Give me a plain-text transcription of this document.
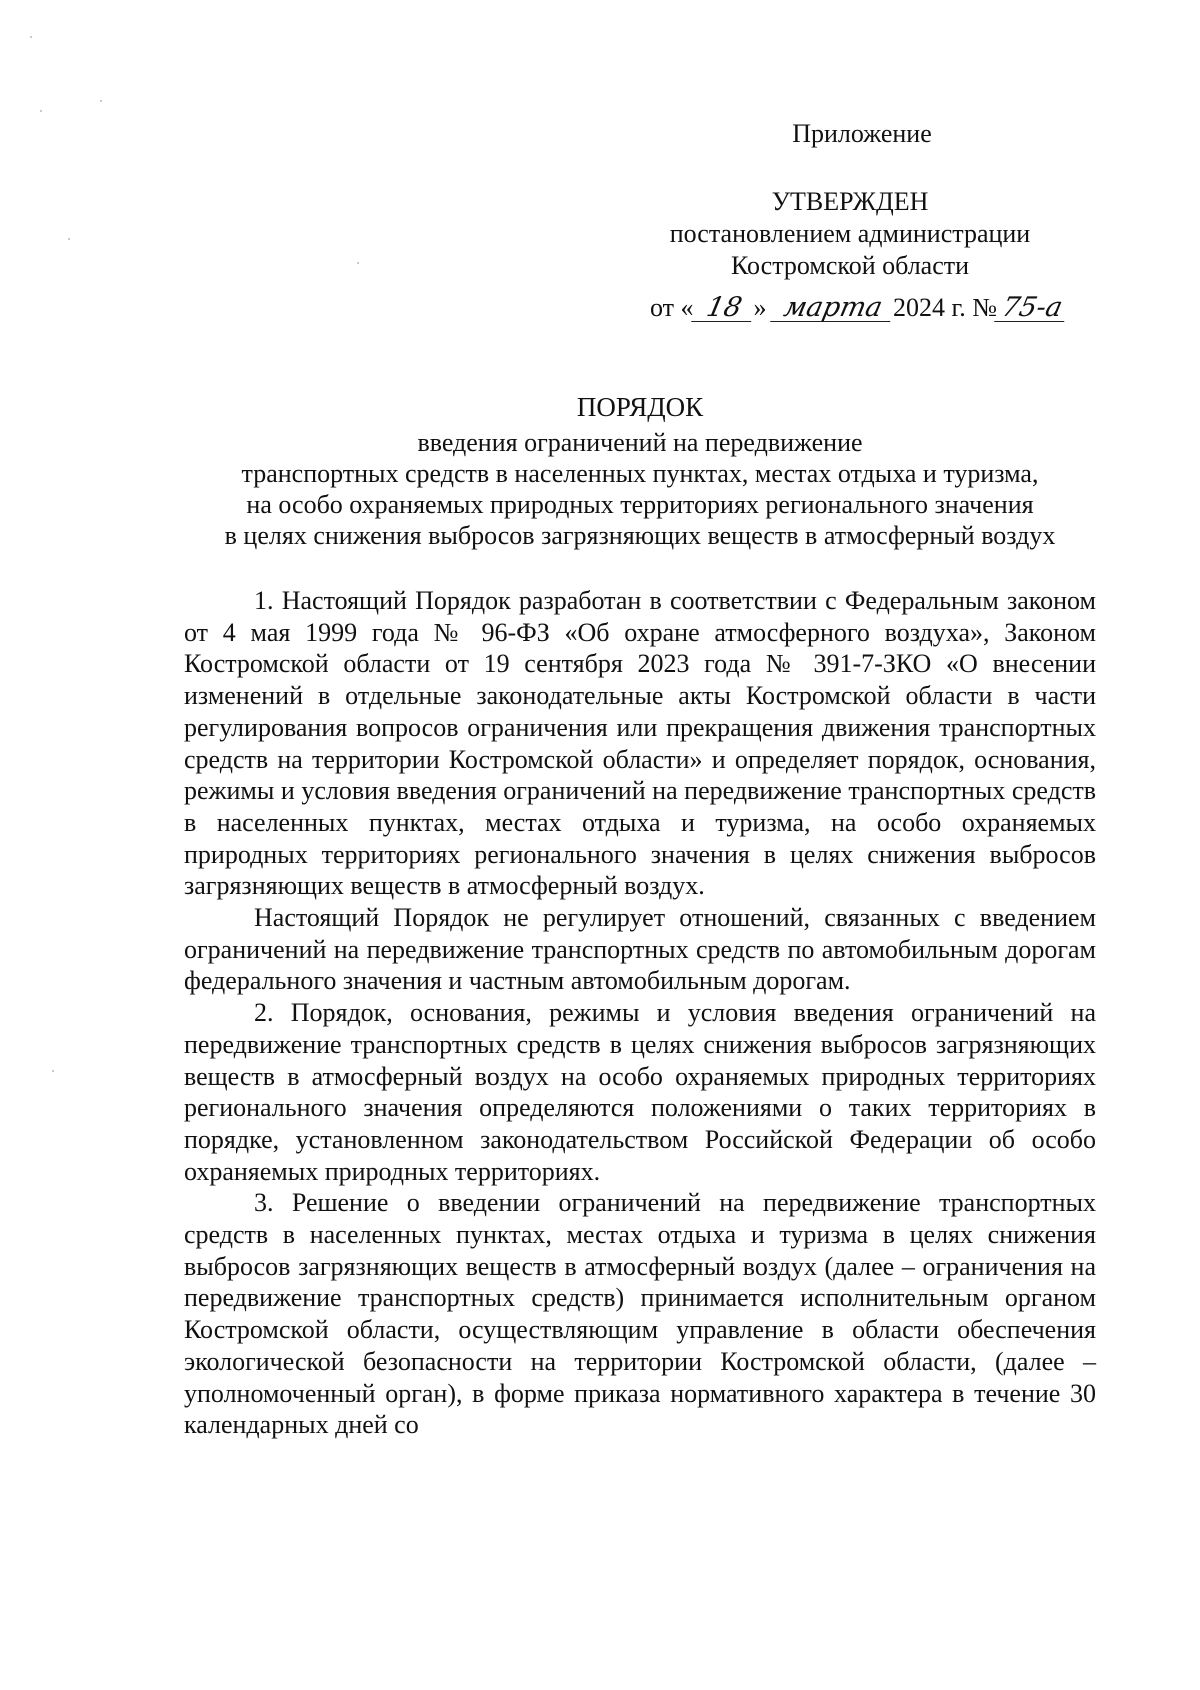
Приложение
УТВЕРЖДЕН
постановлением администрации
Костромской области
от « 18 » марта 2024 г. №75-а
ПОРЯДОК
введения ограничений на передвижение
транспортных средств в населенных пунктах, местах отдыха и туризма,
на особо охраняемых природных территориях регионального значения
в целях снижения выбросов загрязняющих веществ в атмосферный воздух

1. Настоящий Порядок разработан в соответствии с Федеральным законом от 4 мая 1999 года № 96-ФЗ «Об охране атмосферного воздуха», Законом Костромской области от 19 сентября 2023 года № 391-7-ЗКО «О внесении изменений в отдельные законодательные акты Костромской области в части регулирования вопросов ограничения или прекращения движения транспортных средств на территории Костромской области» и определяет порядок, основания, режимы и условия введения ограничений на передвижение транспортных средств в населенных пунктах, местах отдыха и туризма, на особо охраняемых природных территориях регионального значения в целях снижения выбросов загрязняющих веществ в атмосферный воздух.

Настоящий Порядок не регулирует отношений, связанных с введением ограничений на передвижение транспортных средств по автомобильным дорогам федерального значения и частным автомобильным дорогам.

2. Порядок, основания, режимы и условия введения ограничений на передвижение транспортных средств в целях снижения выбросов загрязняющих веществ в атмосферный воздух на особо охраняемых природных территориях регионального значения определяются положениями о таких территориях в порядке, установленном законодательством Российской Федерации об особо охраняемых природных территориях.

3. Решение о введении ограничений на передвижение транспортных средств в населенных пунктах, местах отдыха и туризма в целях снижения выбросов загрязняющих веществ в атмосферный воздух (далее – ограничения на передвижение транспортных средств) принимается исполнительным органом Костромской области, осуществляющим управление в области обеспечения экологической безопасности на территории Костромской области, (далее – уполномоченный орган), в форме приказа нормативного характера в течение 30 календарных дней со
